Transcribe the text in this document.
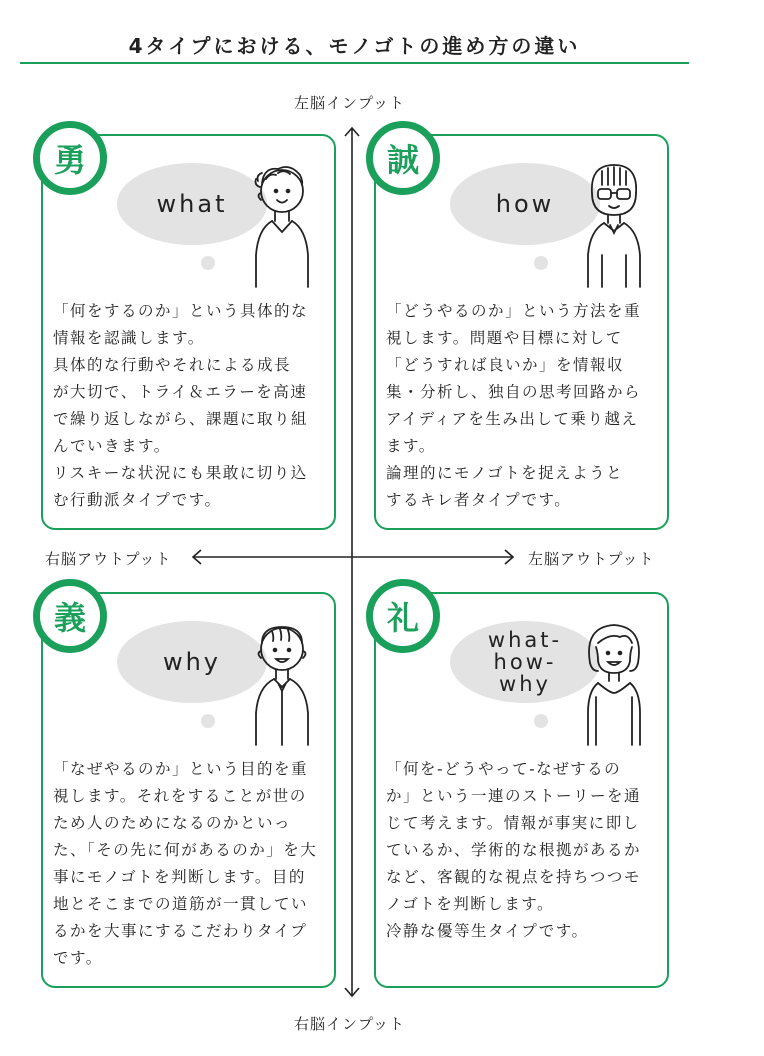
4タイプにおける、モノゴトの進め方の違い
左脳インプット
右脳インプット
右脳アウトプット	左脳アウトプット
what
勇

「何をするのか」という具体的な

情報を認識します。

具体的な行動やそれによる成長

が大切で、トライ＆エラーを高速

で繰り返しながら、課題に取り組

んでいきます。

リスキーな状況にも果敢に切り込

む行動派タイプです。

how
誠

「どうやるのか」という方法を重

視します。問題や目標に対して

「どうすれば良いか」を情報収

集・分析し、独自の思考回路から

アイディアを生み出して乗り越え

ます。

論理的にモノゴトを捉えようと

するキレ者タイプです。

why
義

「なぜやるのか」という目的を重

視します。それをすることが世の

ため人のためになるのかといっ

た、「その先に何があるのか」を大

事にモノゴトを判断します。目的

地とそこまでの道筋が一貫してい

るかを大事にするこだわりタイプ

です。

what-
how-
why
礼

「何を-どうやって-なぜするの

か」という一連のストーリーを通

じて考えます。情報が事実に即し

ているか、学術的な根拠があるか

など、客観的な視点を持ちつつモ

ノゴトを判断します。

冷静な優等生タイプです。
